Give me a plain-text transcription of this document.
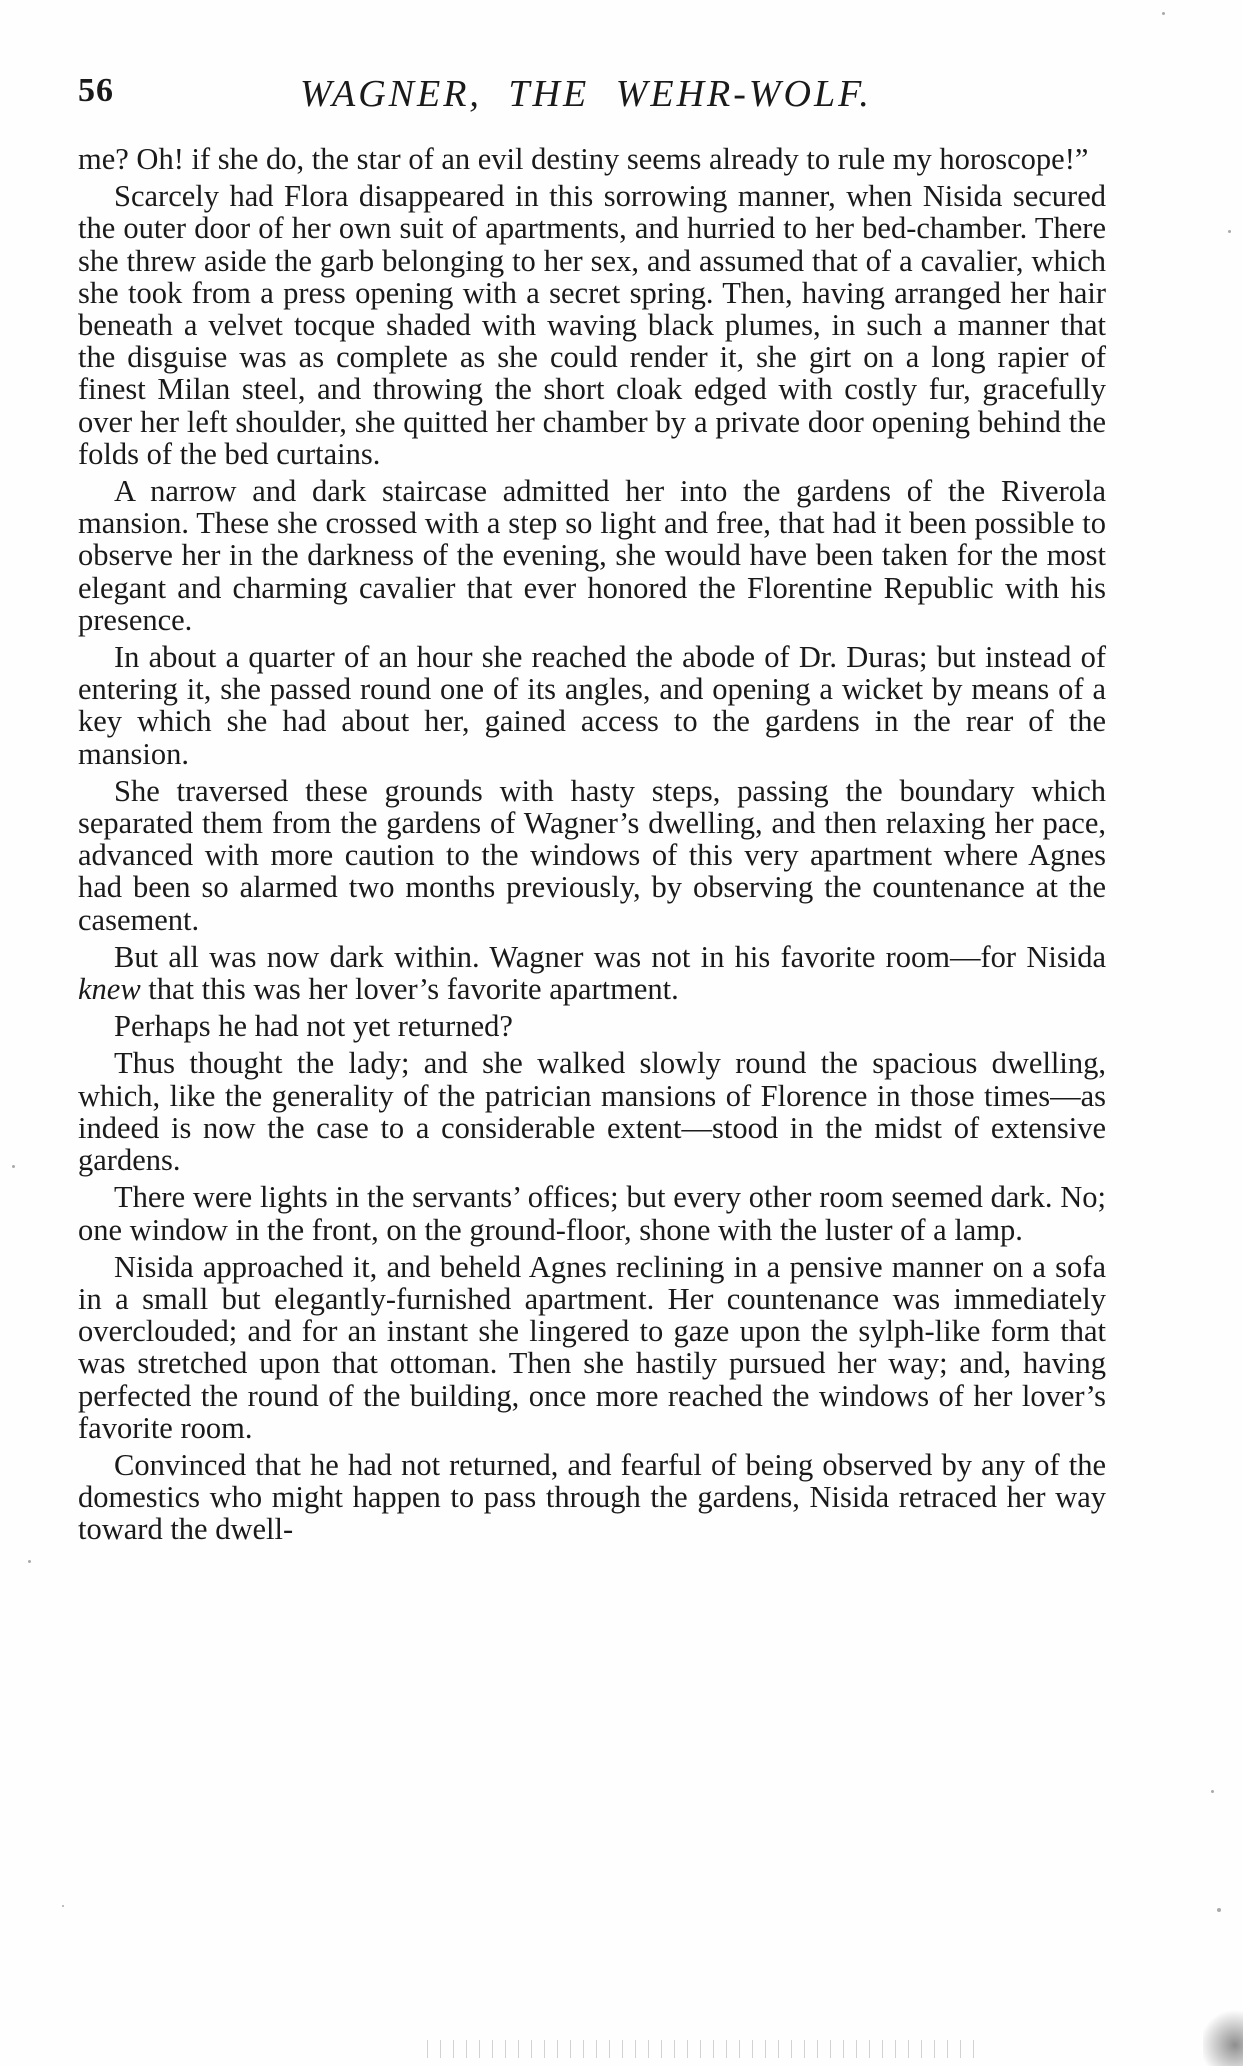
56	WAGNER, THE WEHR-WOLF.

me? Oh! if she do, the star of an evil destiny seems already to rule my horoscope!”

Scarcely had Flora disappeared in this sorrowing manner, when Nisida secured the outer door of her own suit of apartments, and hurried to her bed-chamber. There she threw aside the garb belonging to her sex, and assumed that of a cavalier, which she took from a press opening with a secret spring. Then, having arranged her hair beneath a velvet tocque shaded with waving black plumes, in such a manner that the disguise was as complete as she could render it, she girt on a long rapier of finest Milan steel, and throwing the short cloak edged with costly fur, gracefully over her left shoulder, she quitted her chamber by a private door opening behind the folds of the bed curtains.

A narrow and dark staircase admitted her into the gardens of the Riverola mansion. These she crossed with a step so light and free, that had it been possible to observe her in the darkness of the evening, she would have been taken for the most elegant and charming cavalier that ever honored the Florentine Republic with his presence.

In about a quarter of an hour she reached the abode of Dr. Duras; but instead of entering it, she passed round one of its angles, and opening a wicket by means of a key which she had about her, gained access to the gardens in the rear of the mansion.

She traversed these grounds with hasty steps, passing the boundary which separated them from the gardens of Wagner’s dwelling, and then relaxing her pace, advanced with more caution to the windows of this very apartment where Agnes had been so alarmed two months previously, by observing the countenance at the casement.

But all was now dark within. Wagner was not in his favorite room—for Nisida knew that this was her lover’s favorite apartment.

Perhaps he had not yet returned?

Thus thought the lady; and she walked slowly round the spacious dwelling, which, like the generality of the patrician mansions of Florence in those times—as indeed is now the case to a considerable extent—stood in the midst of extensive gardens.

There were lights in the servants’ offices; but every other room seemed dark. No; one window in the front, on the ground-floor, shone with the luster of a lamp.

Nisida approached it, and beheld Agnes reclining in a pensive manner on a sofa in a small but elegantly-furnished apartment. Her countenance was immediately overclouded; and for an instant she lingered to gaze upon the sylph-like form that was stretched upon that ottoman. Then she hastily pursued her way; and, having perfected the round of the building, once more reached the windows of her lover’s favorite room.

Convinced that he had not returned, and fearful of being observed by any of the domestics who might happen to pass through the gardens, Nisida retraced her way toward the dwell-
